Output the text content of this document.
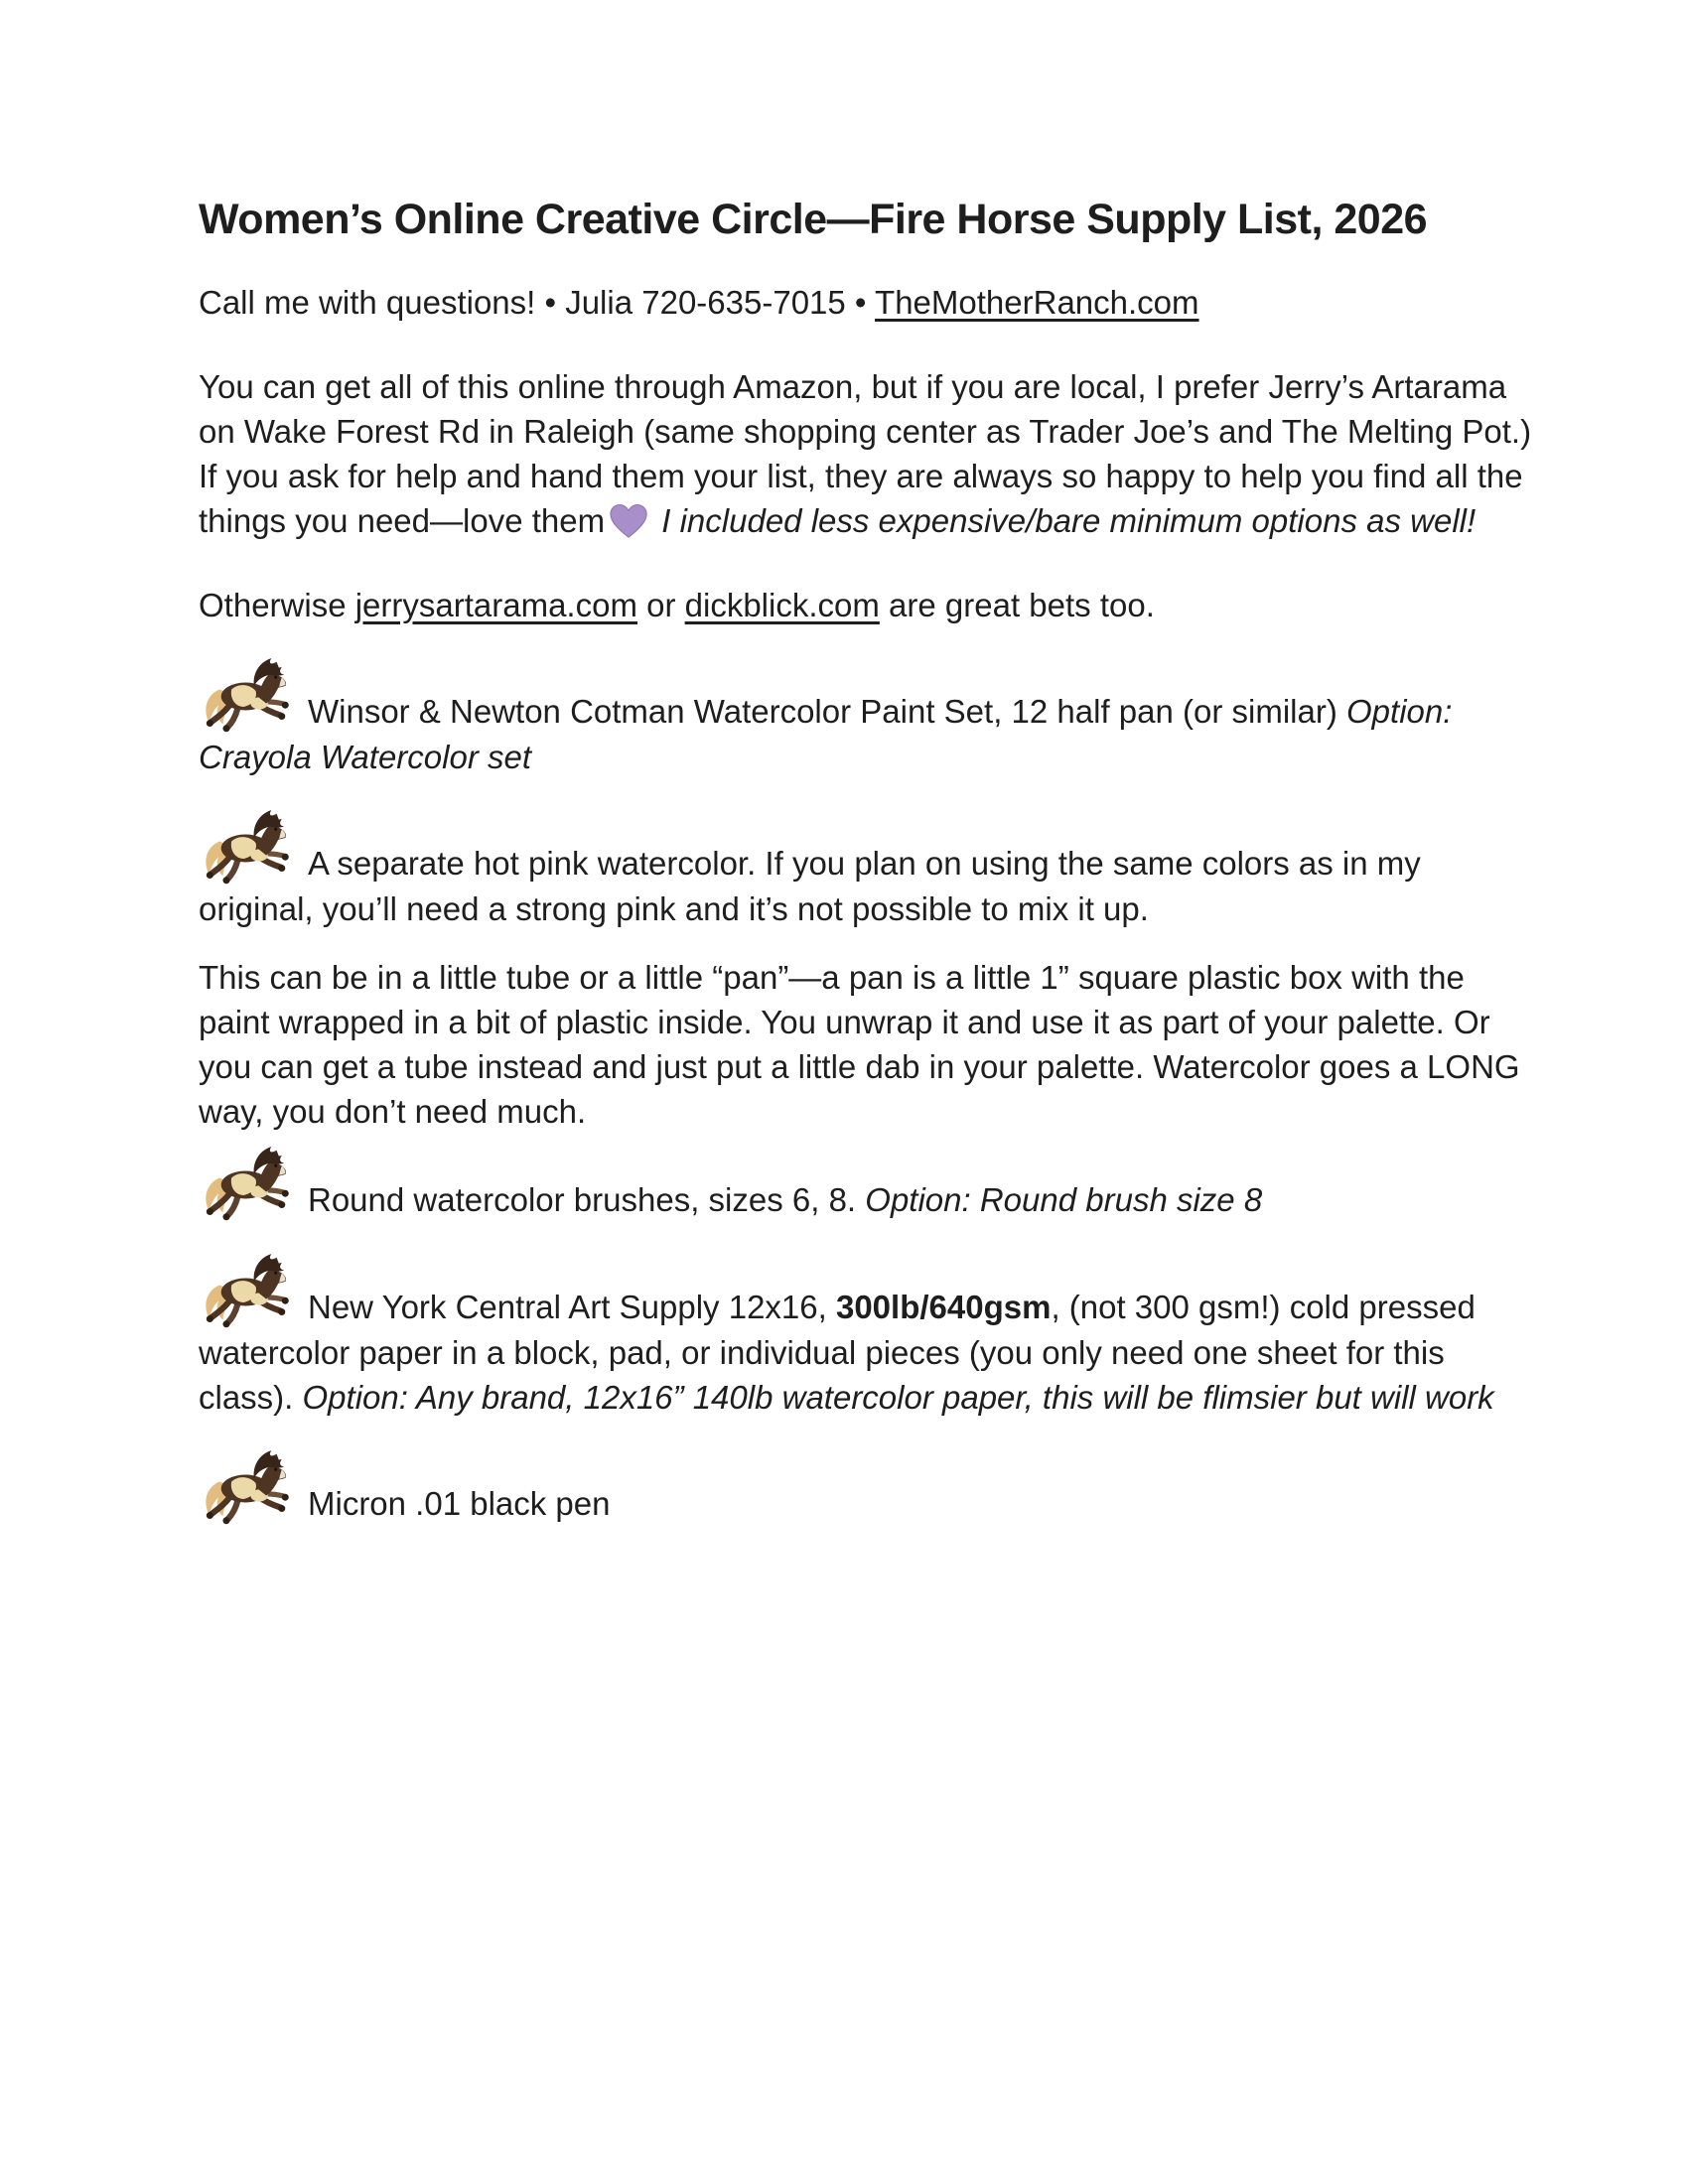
Women’s Online Creative Circle—Fire Horse Supply List, 2026

Call me with questions! • Julia 720-635-7015 • TheMotherRanch.com

You can get all of this online through Amazon, but if you are local, I prefer Jerry’s Artarama on Wake Forest Rd in Raleigh (same shopping center as Trader Joe’s and The Melting Pot.) If you ask for help and hand them your list, they are always so happy to help you find all the things you need—love them I included less expensive/bare minimum options as well!

Otherwise jerrysartarama.com or dickblick.com are great bets too.

Winsor & Newton Cotman Watercolor Paint Set, 12 half pan (or similar) Option: Crayola Watercolor set

A separate hot pink watercolor. If you plan on using the same colors as in my original, you’ll need a strong pink and it’s not possible to mix it up.

This can be in a little tube or a little “pan”—a pan is a little 1” square plastic box with the paint wrapped in a bit of plastic inside. You unwrap it and use it as part of your palette. Or you can get a tube instead and just put a little dab in your palette. Watercolor goes a LONG way, you don’t need much.

Round watercolor brushes, sizes 6, 8. Option: Round brush size 8

New York Central Art Supply 12x16, 300lb/640gsm, (not 300 gsm!) cold pressed watercolor paper in a block, pad, or individual pieces (you only need one sheet for this class). Option: Any brand, 12x16” 140lb watercolor paper, this will be flimsier but will work

Micron .01 black pen
